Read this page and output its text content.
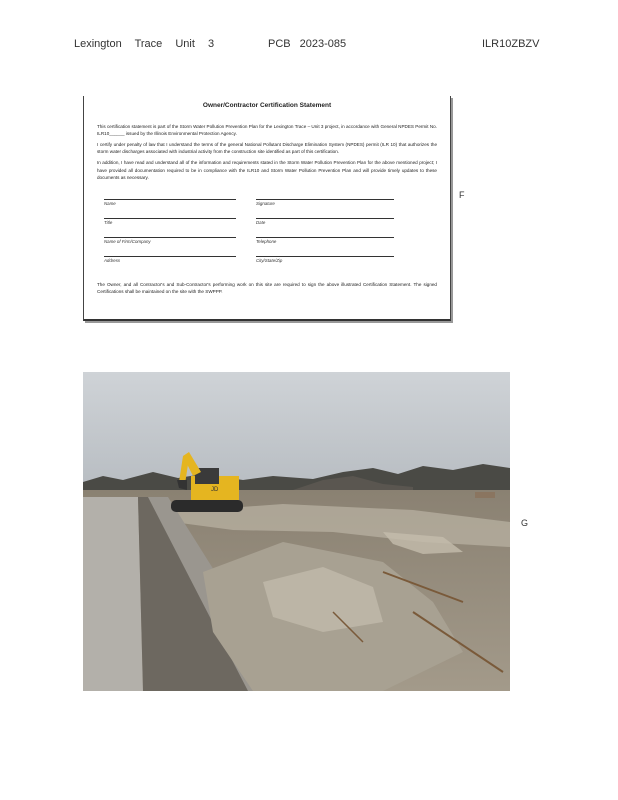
Lexington Trace Unit 3	PCB 2023-085	ILR10ZBZV
Owner/Contractor Certification Statement

This certification statement is part of the Storm Water Pollution Prevention Plan for the Lexington Trace – Unit 3 project, in accordance with General NPDES Permit No. ILR10______ issued by the Illinois Environmental Protection Agency.

I certify under penalty of law that I understand the terms of the general National Pollutant Discharge Elimination System (NPDES) permit (ILR 10) that authorizes the storm water discharges associated with industrial activity from the construction site identified as part of this certification.

In addition, I have read and understand all of the information and requirements stated in the Storm Water Pollution Prevention Plan for the above mentioned project; I have provided all documentation required to be in compliance with the ILR10 and Storm Water Pollution Prevention Plan and will provide timely updates to these documents as necessary.

Name	Signature
Title	Date
Name of Firm/Company	Telephone
Address	City/State/Zip

The Owner, and all Contractor's and Sub-Contractor's performing work on this site are required to sign the above illustrated Certification Statement. The signed Certifications shall be maintained on the site with the SWPPP.

F
JD
G
